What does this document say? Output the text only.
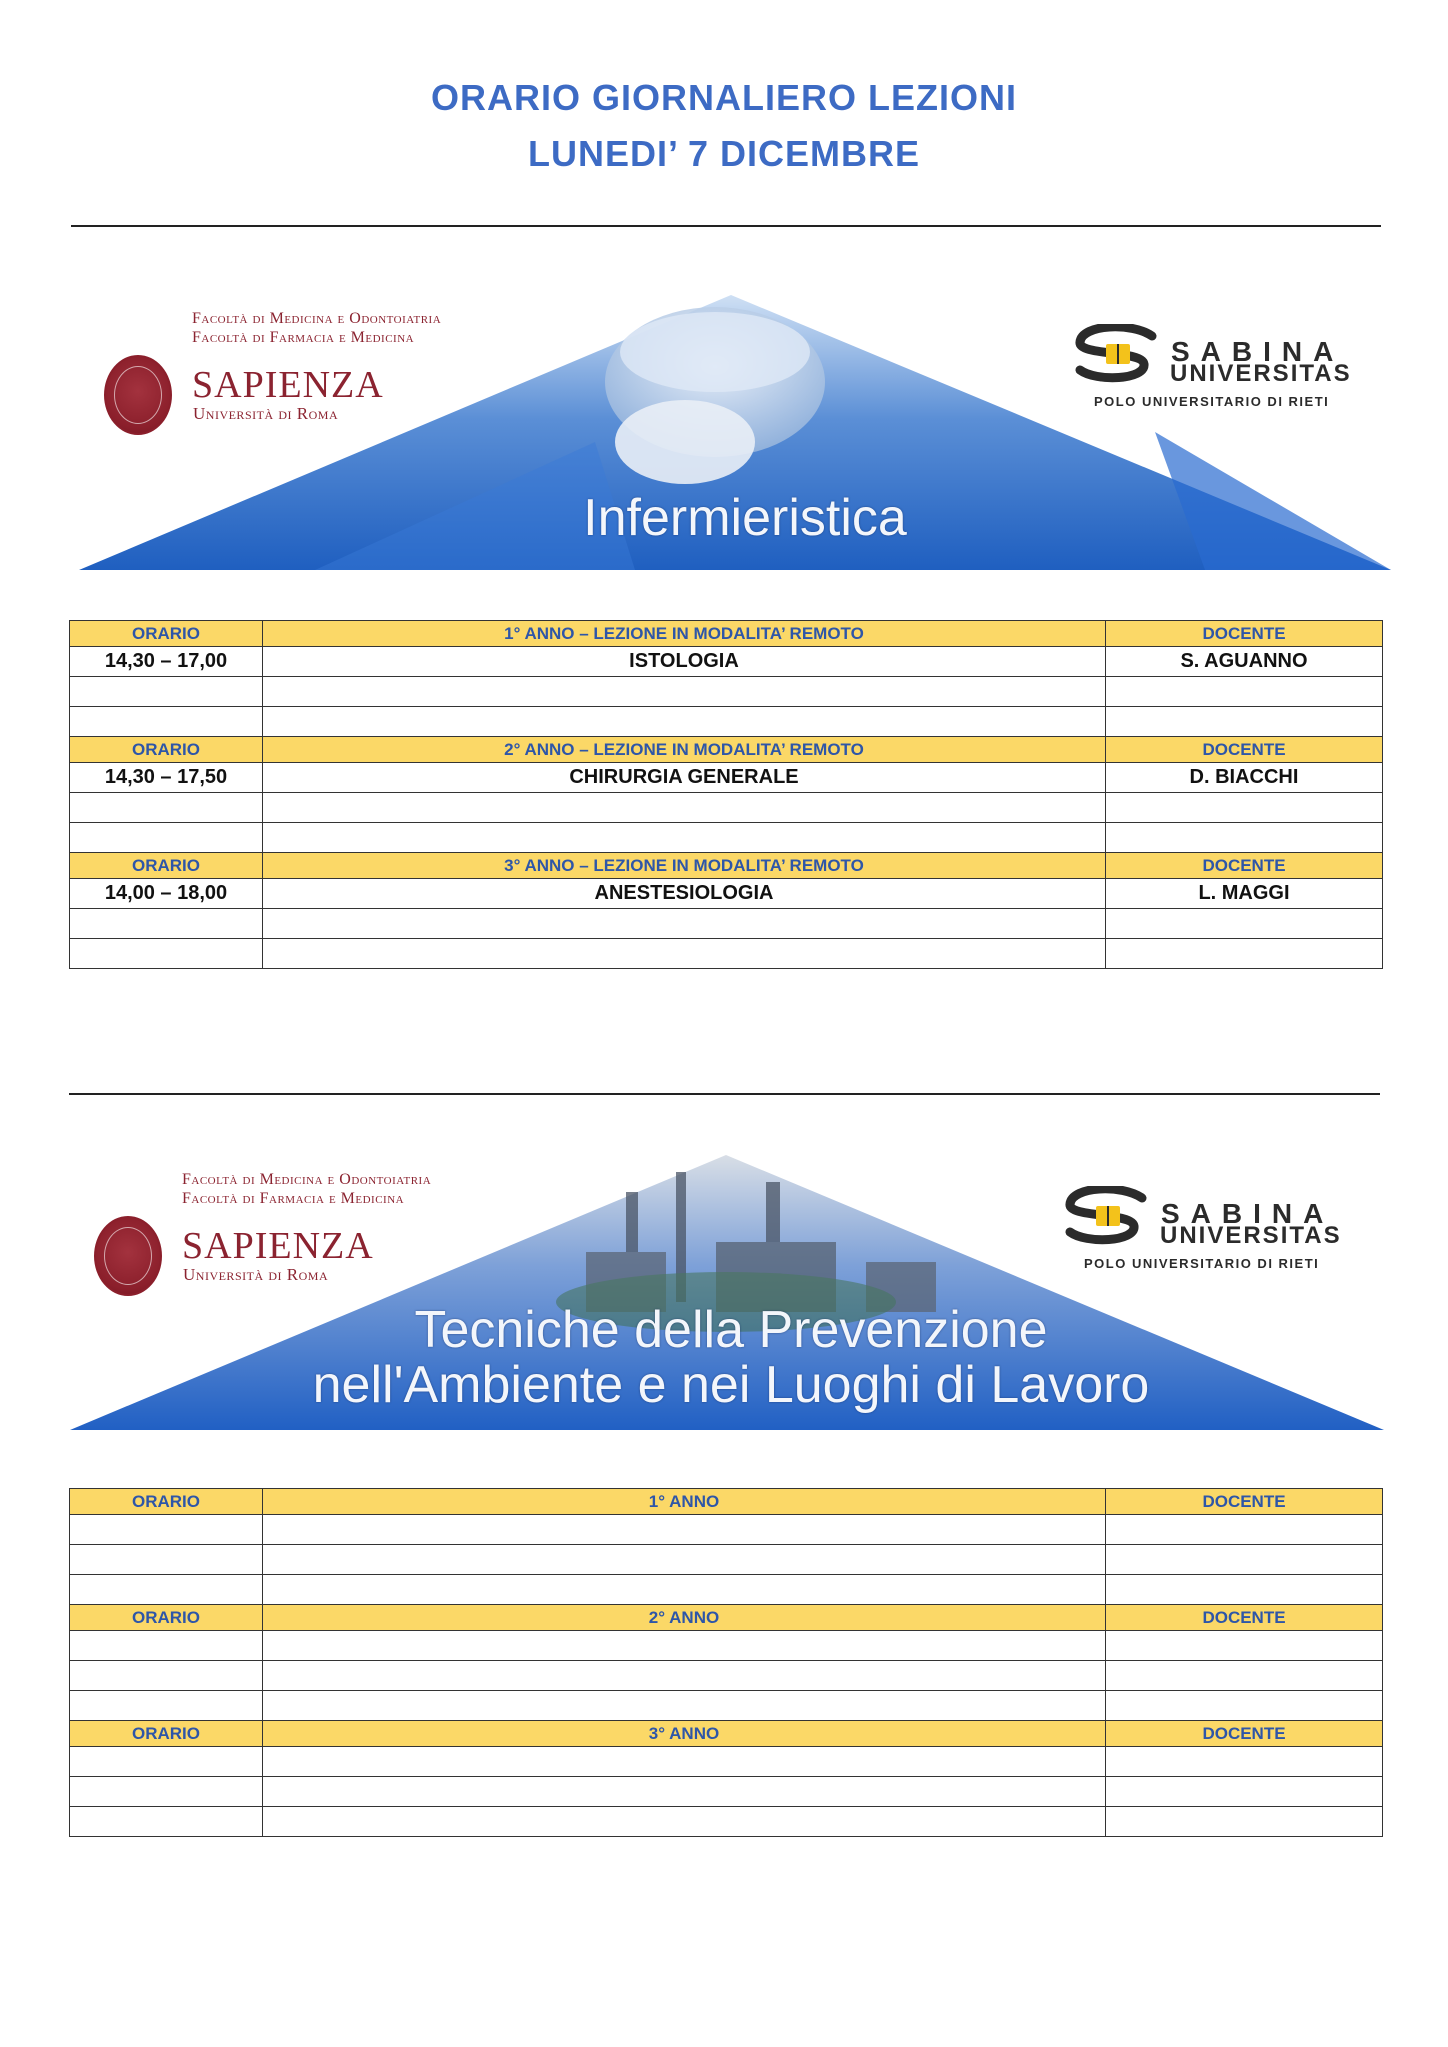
ORARIO GIORNALIERO LEZIONI
LUNEDI’ 7 DICEMBRE
Infermieristica
Facoltà di Medicina e Odontoiatria
Facoltà di Farmacia e Medicina
SAPIENZA
Università di Roma
SABINA
UNIVERSITAS
POLO UNIVERSITARIO DI RIETI
ORARIO	1° ANNO – LEZIONE IN MODALITA’ REMOTO	DOCENTE
14,30 – 17,00	ISTOLOGIA	S. AGUANNO

ORARIO	2° ANNO – LEZIONE IN MODALITA’ REMOTO	DOCENTE
14,30 – 17,50	CHIRURGIA GENERALE	D. BIACCHI

ORARIO	3° ANNO – LEZIONE IN MODALITA’ REMOTO	DOCENTE
14,00 – 18,00	ANESTESIOLOGIA	L. MAGGI

Tecniche della Prevenzione
nell'Ambiente e nei Luoghi di Lavoro
Facoltà di Medicina e Odontoiatria
Facoltà di Farmacia e Medicina
SAPIENZA
Università di Roma
SABINA
UNIVERSITAS
POLO UNIVERSITARIO DI RIETI
ORARIO	1° ANNO	DOCENTE

ORARIO	2° ANNO	DOCENTE

ORARIO	3° ANNO	DOCENTE
